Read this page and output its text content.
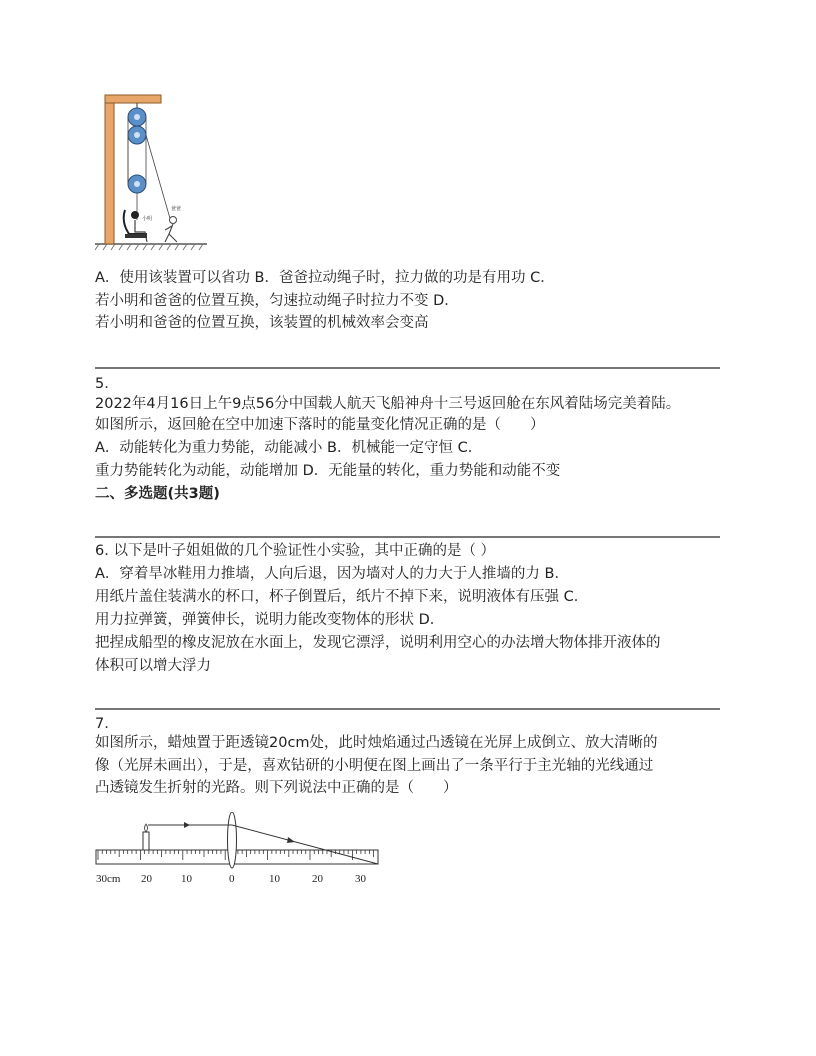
小明
爸爸
A．使用该装置可以省功 B．爸爸拉动绳子时，拉力做的功是有用功 C．
若小明和爸爸的位置互换，匀速拉动绳子时拉力不变 D．
若小明和爸爸的位置互换，该装置的机械效率会变高
5.
2022年4月16日上午9点56分中国载人航天飞船神舟十三号返回舱在东风着陆场完美着陆。
如图所示，返回舱在空中加速下落时的能量变化情况正确的是（　　）
A．动能转化为重力势能，动能减小 B．机械能一定守恒 C．
重力势能转化为动能，动能增加 D．无能量的转化，重力势能和动能不变
二、多选题(共3题)
6. 以下是叶子姐姐做的几个验证性小实验，其中正确的是（ ）
A．穿着旱冰鞋用力推墙，人向后退，因为墙对人的力大于人推墙的力 B．
用纸片盖住装满水的杯口，杯子倒置后，纸片不掉下来，说明液体有压强 C．
用力拉弹簧，弹簧伸长，说明力能改变物体的形状 D．
把捏成船型的橡皮泥放在水面上，发现它漂浮，说明利用空心的办法增大物体排开液体的
体积可以增大浮力
7.
如图所示，蜡烛置于距透镜20cm处，此时烛焰通过凸透镜在光屏上成倒立、放大清晰的
像（光屏未画出），于是，喜欢钻研的小明便在图上画出了一条平行于主光轴的光线通过
凸透镜发生折射的光路。则下列说法中正确的是（　　）
30cm 20	10	0	10	20	30
